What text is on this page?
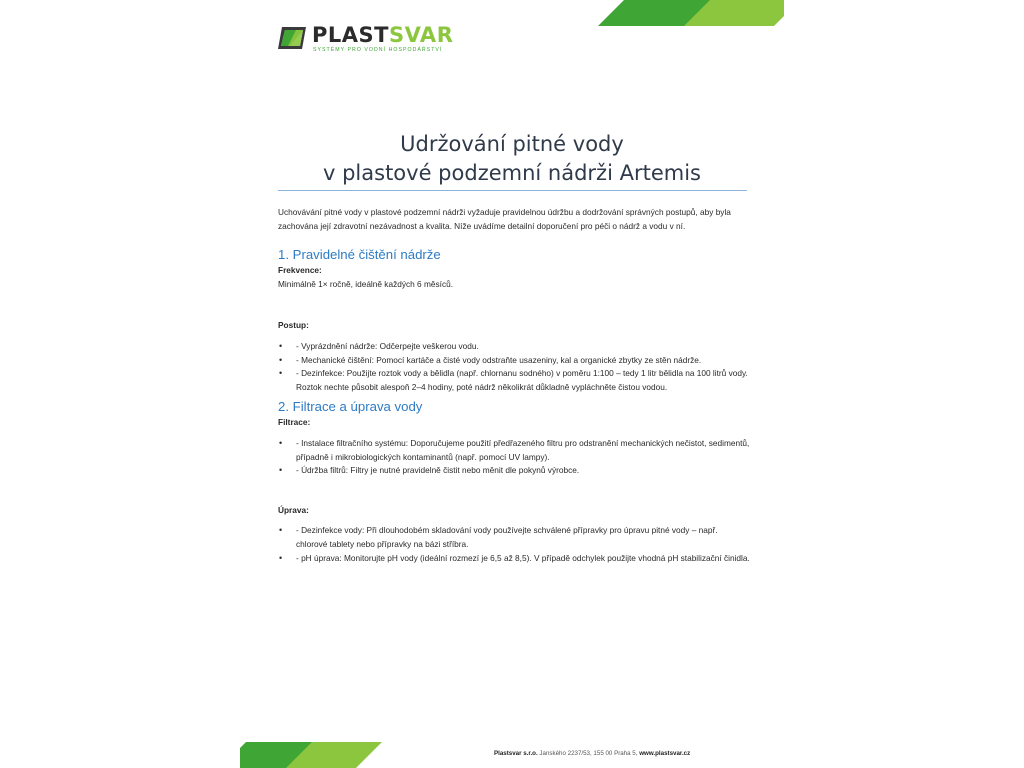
PLASTSVAR
SYSTÉMY PRO VODNÍ HOSPODÁŘSTVÍ
Udržování pitné vody
v plastové podzemní nádrži Artemis

Uchovávání pitné vody v plastové podzemní nádrži vyžaduje pravidelnou údržbu a dodržování správných postupů, aby byla zachována její zdravotní nezávadnost a kvalita. Níže uvádíme detailní doporučení pro péči o nádrž a vodu v ní.

1. Pravidelné čištění nádrže

Frekvence:

Minimálně 1× ročně, ideálně každých 6 měsíců.

Postup:

• - Vyprázdnění nádrže: Odčerpejte veškerou vodu.
• - Mechanické čištění: Pomocí kartáče a čisté vody odstraňte usazeniny, kal a organické zbytky ze stěn nádrže.
• - Dezinfekce: Použijte roztok vody a bělidla (např. chlornanu sodného) v poměru 1:100 – tedy 1 litr bělidla na 100 litrů vody. Roztok nechte působit alespoň 2–4 hodiny, poté nádrž několikrát důkladně vypláchněte čistou vodou.

2. Filtrace a úprava vody

Filtrace:

• - Instalace filtračního systému: Doporučujeme použití předřazeného filtru pro odstranění mechanických nečistot, sedimentů, případně i mikrobiologických kontaminantů (např. pomocí UV lampy).
• - Údržba filtrů: Filtry je nutné pravidelně čistit nebo měnit dle pokynů výrobce.

Úprava:

• - Dezinfekce vody: Při dlouhodobém skladování vody používejte schválené přípravky pro úpravu pitné vody – např. chlorové tablety nebo přípravky na bázi stříbra.
• - pH úprava: Monitorujte pH vody (ideální rozmezí je 6,5 až 8,5). V případě odchylek použijte vhodná pH stabilizační činidla.
Plastsvar s.r.o. Janského 2237/53, 155 00 Praha 5, www.plastsvar.cz
